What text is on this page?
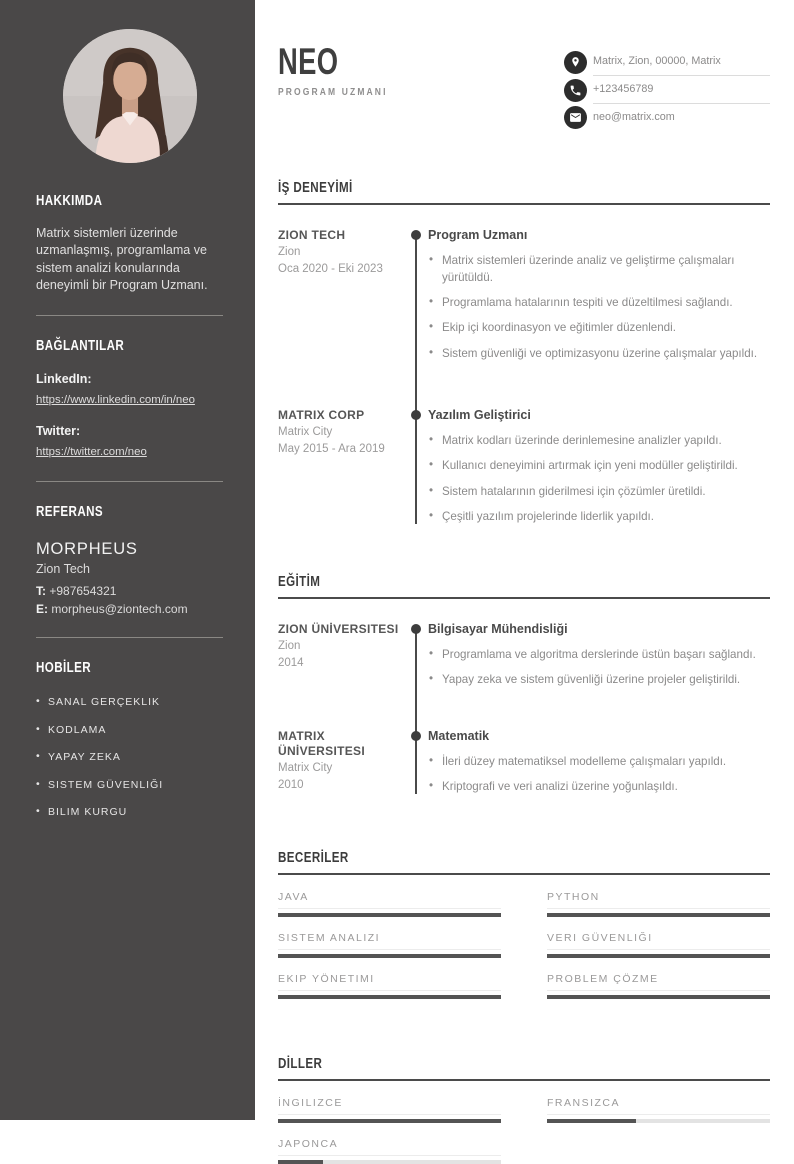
HAKKIMDA

Matrix sistemleri üzerinde uzmanlaşmış, programlama ve sistem analizi konularında deneyimli bir Program Uzmanı.

BAĞLANTILAR
LinkedIn:
https://www.linkedin.com/in/neo
Twitter:
https://twitter.com/neo
REFERANS
MORPHEUS
Zion Tech
T: +987654321
E: morpheus@ziontech.com
HOBİLER
• SANAL GERÇEKLIK
• KODLAMA
• YAPAY ZEKA
• SISTEM GÜVENLIĞI
• BILIM KURGU
NEO
PROGRAM UZMANI
Matrix, Zion, 00000, Matrix
+123456789
neo@matrix.com
İŞ DENEYİMİ
ZION TECH
Zion
Oca 2020 - Eki 2023
Program Uzmanı
• Matrix sistemleri üzerinde analiz ve geliştirme çalışmaları yürütüldü.
• Programlama hatalarının tespiti ve düzeltilmesi sağlandı.
• Ekip içi koordinasyon ve eğitimler düzenlendi.
• Sistem güvenliği ve optimizasyonu üzerine çalışmalar yapıldı.
MATRIX CORP
Matrix City
May 2015 - Ara 2019
Yazılım Geliştirici
• Matrix kodları üzerinde derinlemesine analizler yapıldı.
• Kullanıcı deneyimini artırmak için yeni modüller geliştirildi.
• Sistem hatalarının giderilmesi için çözümler üretildi.
• Çeşitli yazılım projelerinde liderlik yapıldı.
EĞİTİM
ZION ÜNİVERSITESI
Zion
2014
Bilgisayar Mühendisliği
• Programlama ve algoritma derslerinde üstün başarı sağlandı.
• Yapay zeka ve sistem güvenliği üzerine projeler geliştirildi.
MATRIX ÜNİVERSITESI
Matrix City
2010
Matematik
• İleri düzey matematiksel modelleme çalışmaları yapıldı.
• Kriptografi ve veri analizi üzerine yoğunlaşıldı.
BECERİLER
JAVA	PYTHON
SISTEM ANALIZI	VERI GÜVENLIĞI
EKIP YÖNETIMI	PROBLEM ÇÖZME
DİLLER
İNGILIZCE	FRANSIZCA
JAPONCA
